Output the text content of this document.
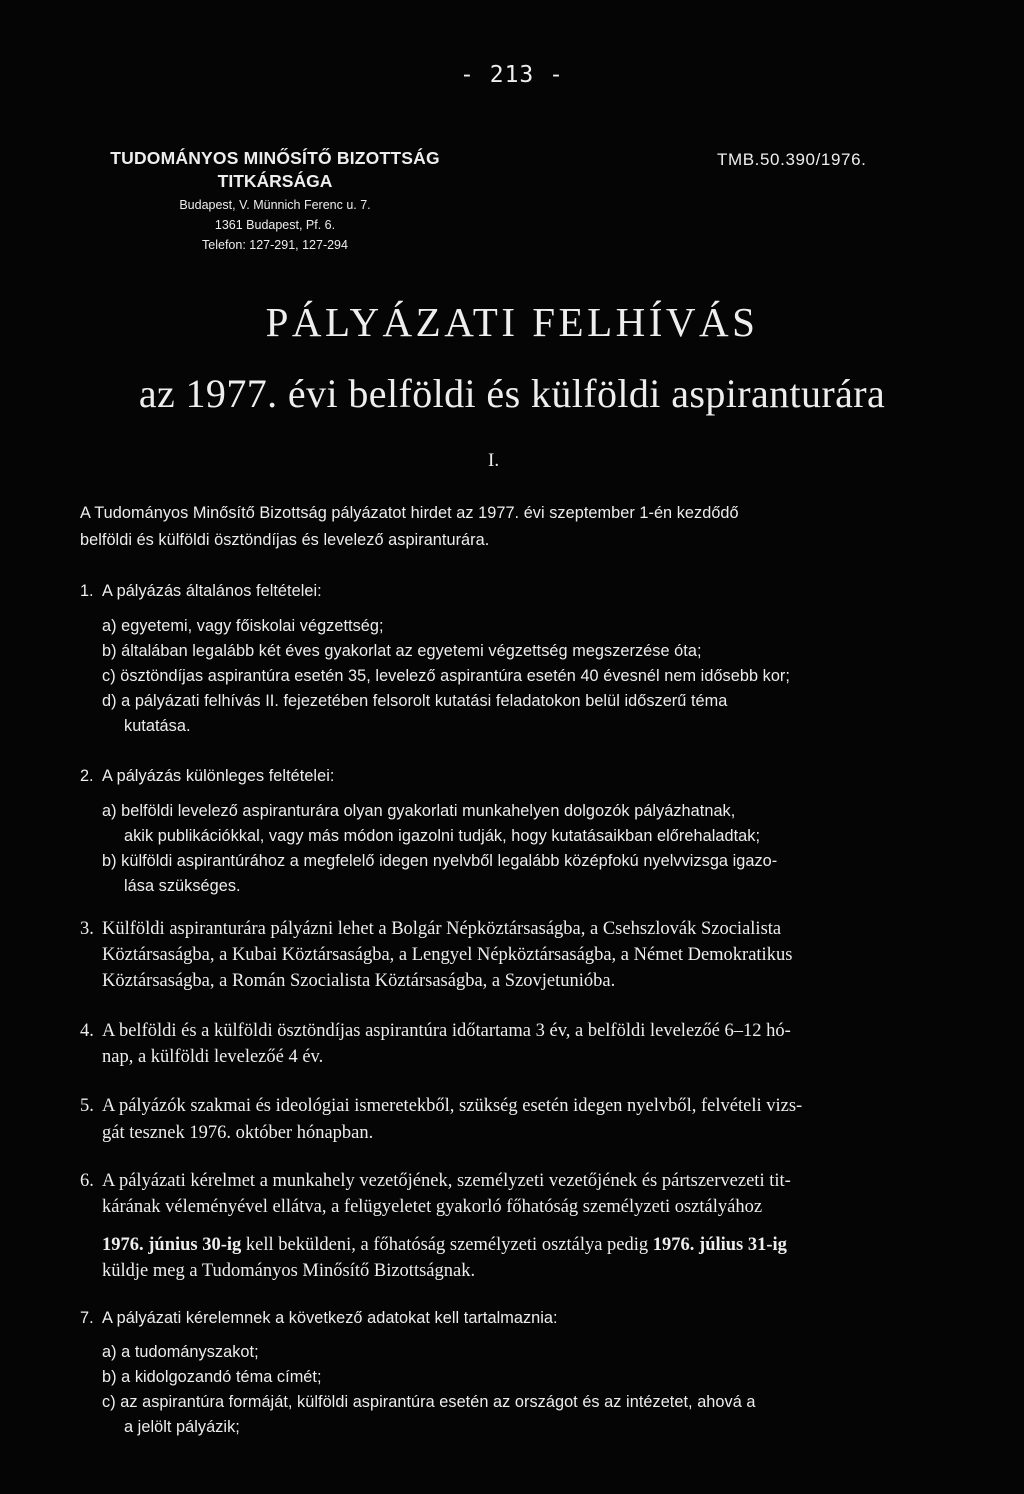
- 213 -
TUDOMÁNYOS MINŐSÍTŐ BIZOTTSÁG
TITKÁRSÁGA
Budapest, V. Münnich Ferenc u. 7.
1361 Budapest, Pf. 6.
Telefon: 127-291, 127-294
TMB.50.390/1976.
PÁLYÁZATI FELHÍVÁS
az 1977. évi belföldi és külföldi aspiranturára
I.
A Tudományos Minősítő Bizottság pályázatot hirdet az 1977. évi szeptember 1-én kezdődő
belföldi és külföldi ösztöndíjas és levelező aspiranturára.
1. A pályázás általános feltételei:
a) egyetemi, vagy főiskolai végzettség;
b) általában legalább két éves gyakorlat az egyetemi végzettség megszerzése óta;
c) ösztöndíjas aspirantúra esetén 35, levelező aspirantúra esetén 40 évesnél nem idősebb kor;
d) a pályázati felhívás II. fejezetében felsorolt kutatási feladatokon belül időszerű téma
kutatása.
2. A pályázás különleges feltételei:
a) belföldi levelező aspiranturára olyan gyakorlati munkahelyen dolgozók pályázhatnak,
akik publikációkkal, vagy más módon igazolni tudják, hogy kutatásaikban előrehaladtak;
b) külföldi aspirantúrához a megfelelő idegen nyelvből legalább középfokú nyelvvizsga igazo-
lása szükséges.
3. Külföldi aspiranturára pályázni lehet a Bolgár Népköztársaságba, a Csehszlovák Szocialista
Köztársaságba, a Kubai Köztársaságba, a Lengyel Népköztársaságba, a Német Demokratikus
Köztársaságba, a Román Szocialista Köztársaságba, a Szovjetunióba.
4. A belföldi és a külföldi ösztöndíjas aspirantúra időtartama 3 év, a belföldi levelezőé 6–12 hó-
nap, a külföldi levelezőé 4 év.
5. A pályázók szakmai és ideológiai ismeretekből, szükség esetén idegen nyelvből, felvételi vizs-
gát tesznek 1976. október hónapban.
6. A pályázati kérelmet a munkahely vezetőjének, személyzeti vezetőjének és pártszervezeti tit-
kárának véleményével ellátva, a felügyeletet gyakorló főhatóság személyzeti osztályához
1976. június 30-ig kell beküldeni, a főhatóság személyzeti osztálya pedig 1976. július 31-ig
küldje meg a Tudományos Minősítő Bizottságnak.
7. A pályázati kérelemnek a következő adatokat kell tartalmaznia:
a) a tudományszakot;
b) a kidolgozandó téma címét;
c) az aspirantúra formáját, külföldi aspirantúra esetén az országot és az intézetet, ahová a
a jelölt pályázik;
